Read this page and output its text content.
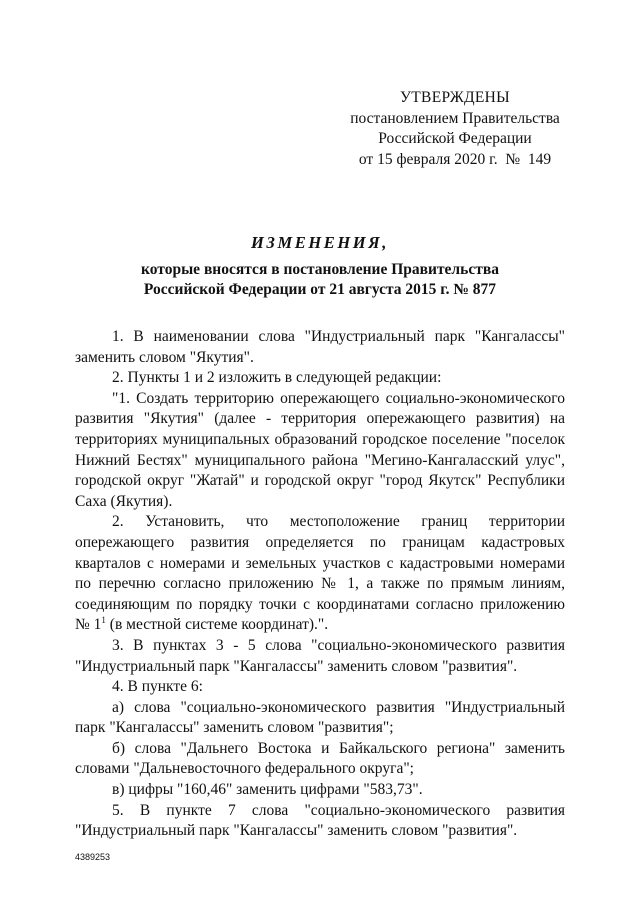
УТВЕРЖДЕНЫ
постановлением Правительства
Российской Федерации
от 15 февраля 2020 г.  №  149
ИЗМЕНЕНИЯ,
которые вносятся в постановление Правительства
Российской Федерации от 21 августа 2015 г. № 877

1. В наименовании слова "Индустриальный парк "Кангалассы" заменить словом "Якутия".

2. Пункты 1 и 2 изложить в следующей редакции:

"1. Создать территорию опережающего социально-экономического развития "Якутия" (далее - территория опережающего развития) на территориях муниципальных образований городское поселение "поселок Нижний Бестях" муниципального района "Мегино-Кангаласский улус", городской округ "Жатай" и городской округ "город Якутск" Республики Саха (Якутия).

2. Установить, что местоположение границ территории опережающего развития определяется по границам кадастровых кварталов с номерами и земельных участков с кадастровыми номерами по перечню согласно приложению № 1, а также по прямым линиям, соединяющим по порядку точки с координатами согласно приложению № $1^1$ (в местной системе координат).".

3. В пунктах 3 - 5 слова "социально-экономического развития "Индустриальный парк "Кангалассы" заменить словом "развития".

4. В пункте 6:

а) слова "социально-экономического развития "Индустриальный парк "Кангалассы" заменить словом "развития";

б) слова "Дальнего Востока и Байкальского региона" заменить словами "Дальневосточного федерального округа";

в) цифры "160,46" заменить цифрами "583,73".

5. В пункте 7 слова "социально-экономического развития "Индустриальный парк "Кангалассы" заменить словом "развития".

4389253
